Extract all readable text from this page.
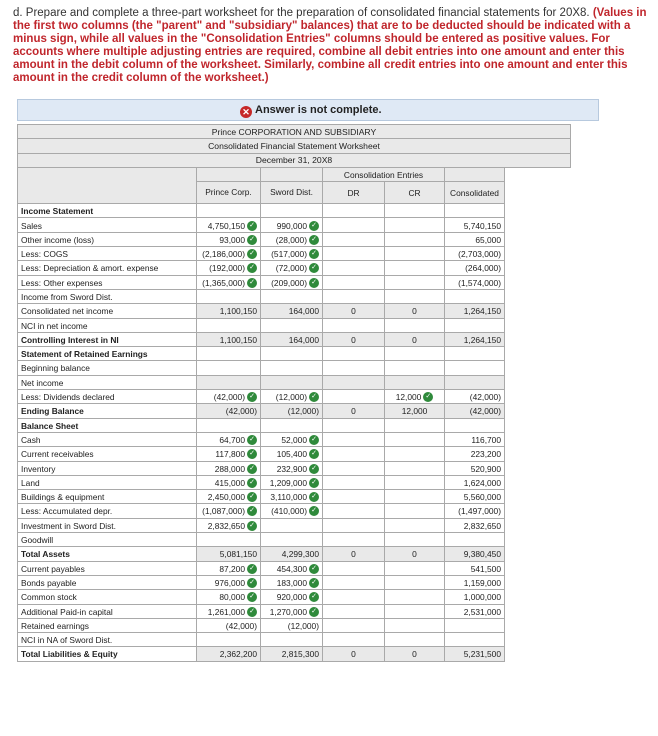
d. Prepare and complete a three-part worksheet for the preparation of consolidated financial statements for 20X8. (Values in the first two columns (the "parent" and "subsidiary" balances) that are to be deducted should be indicated with a minus sign, while all values in the "Consolidation Entries" columns should be entered as positive values. For accounts where multiple adjusting entries are required, combine all debit entries into one amount and enter this amount in the debit column of the worksheet. Similarly, combine all credit entries into one amount and enter this amount in the credit column of the worksheet.)
✕ Answer is not complete.
Prince CORPORATION AND SUBSIDIARY					
Consolidated Financial Statement Worksheet					
December 31, 20X8					
			Consolidation Entries		
	Prince Corp.	Sword Dist.	DR	CR	Consolidated
Income Statement					
Sales	4,750,150 ✓	990,000 ✓			5,740,150
Other income (loss)	93,000 ✓	(28,000) ✓			65,000
Less: COGS	(2,186,000) ✓	(517,000) ✓			(2,703,000)
Less: Depreciation & amort. expense	(192,000) ✓	(72,000) ✓			(264,000)
Less: Other expenses	(1,365,000) ✓	(209,000) ✓			(1,574,000)
Income from Sword Dist.					
Consolidated net income	1,100,150	164,000	0	0	1,264,150
NCI in net income					
Controlling Interest in NI	1,100,150	164,000	0	0	1,264,150
Statement of Retained Earnings					
Beginning balance					
Net income					
Less: Dividends declared	(42,000) ✓	(12,000) ✓		12,000 ✓	(42,000)
Ending Balance	(42,000)	(12,000)	0	12,000	(42,000)
Balance Sheet					
Cash	64,700 ✓	52,000 ✓			116,700
Current receivables	117,800 ✓	105,400 ✓			223,200
Inventory	288,000 ✓	232,900 ✓			520,900
Land	415,000 ✓	1,209,000 ✓			1,624,000
Buildings & equipment	2,450,000 ✓	3,110,000 ✓			5,560,000
Less: Accumulated depr.	(1,087,000) ✓	(410,000) ✓			(1,497,000)
Investment in Sword Dist.	2,832,650 ✓				2,832,650
Goodwill					
Total Assets	5,081,150	4,299,300	0	0	9,380,450
Current payables	87,200 ✓	454,300 ✓			541,500
Bonds payable	976,000 ✓	183,000 ✓			1,159,000
Common stock	80,000 ✓	920,000 ✓			1,000,000
Additional Paid-in capital	1,261,000 ✓	1,270,000 ✓			2,531,000
Retained earnings	(42,000)	(12,000)			
NCI in NA of Sword Dist.					
Total Liabilities & Equity	2,362,200	2,815,300	0	0	5,231,500
